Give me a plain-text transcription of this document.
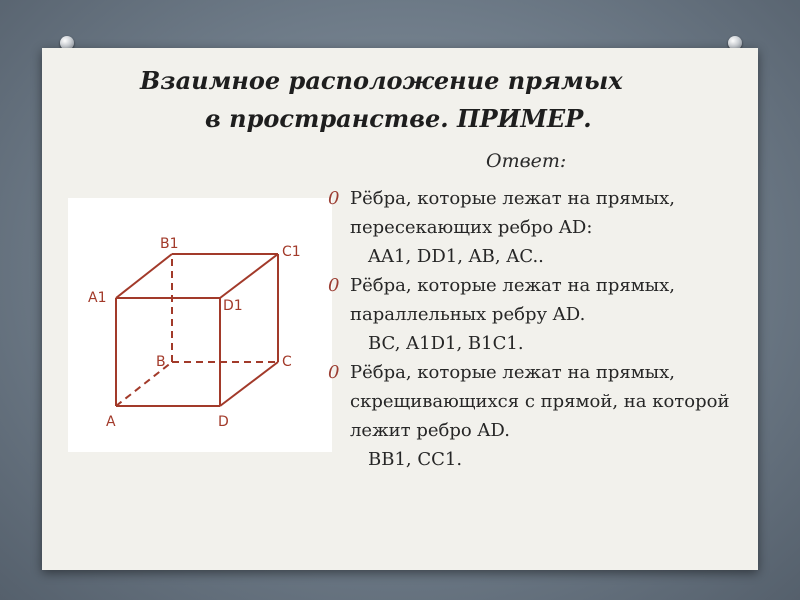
Взаимное расположение прямых
в пространстве. ПРИМЕР.
Ответ:
B1	C1
A1	D1
B	C
A	D
0 Рёбра, которые лежат на прямых, пересекающих ребро AD:
AA1, DD1, AB, AC..
0 Рёбра, которые лежат на прямых, параллельных ребру AD.
BC, A1D1, B1C1.
0 Рёбра, которые лежат на прямых, скрещивающихся с прямой, на которой лежит ребро AD.
BB1, CC1.
